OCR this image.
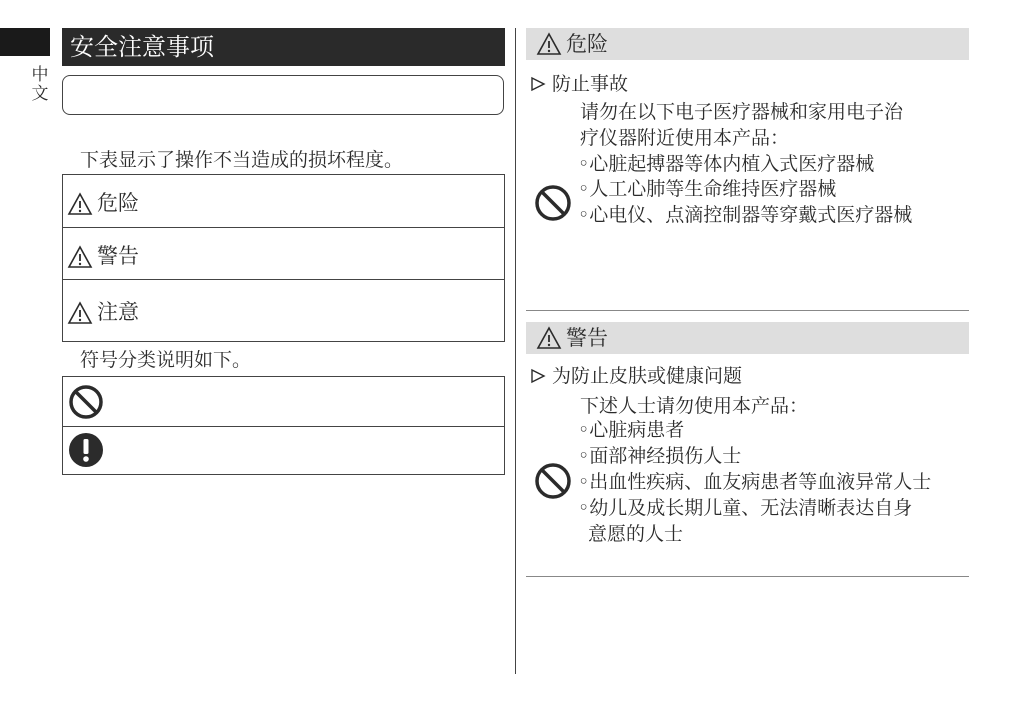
中
文
安全注意事项
下表显示了操作不当造成的损坏程度。
危险
警告
注意
符号分类说明如下。
危险
防止事故
请勿在以下电子医疗器械和家用电子治
疗仪器附近使用本产品：
◦心脏起搏器等体内植入式医疗器械
◦人工心肺等生命维持医疗器械
◦心电仪、点滴控制器等穿戴式医疗器械
警告
为防止皮肤或健康问题
下述人士请勿使用本产品：
◦心脏病患者
◦面部神经损伤人士
◦出血性疾病、血友病患者等血液异常人士
◦幼儿及成长期儿童、无法清晰表达自身
意愿的人士
